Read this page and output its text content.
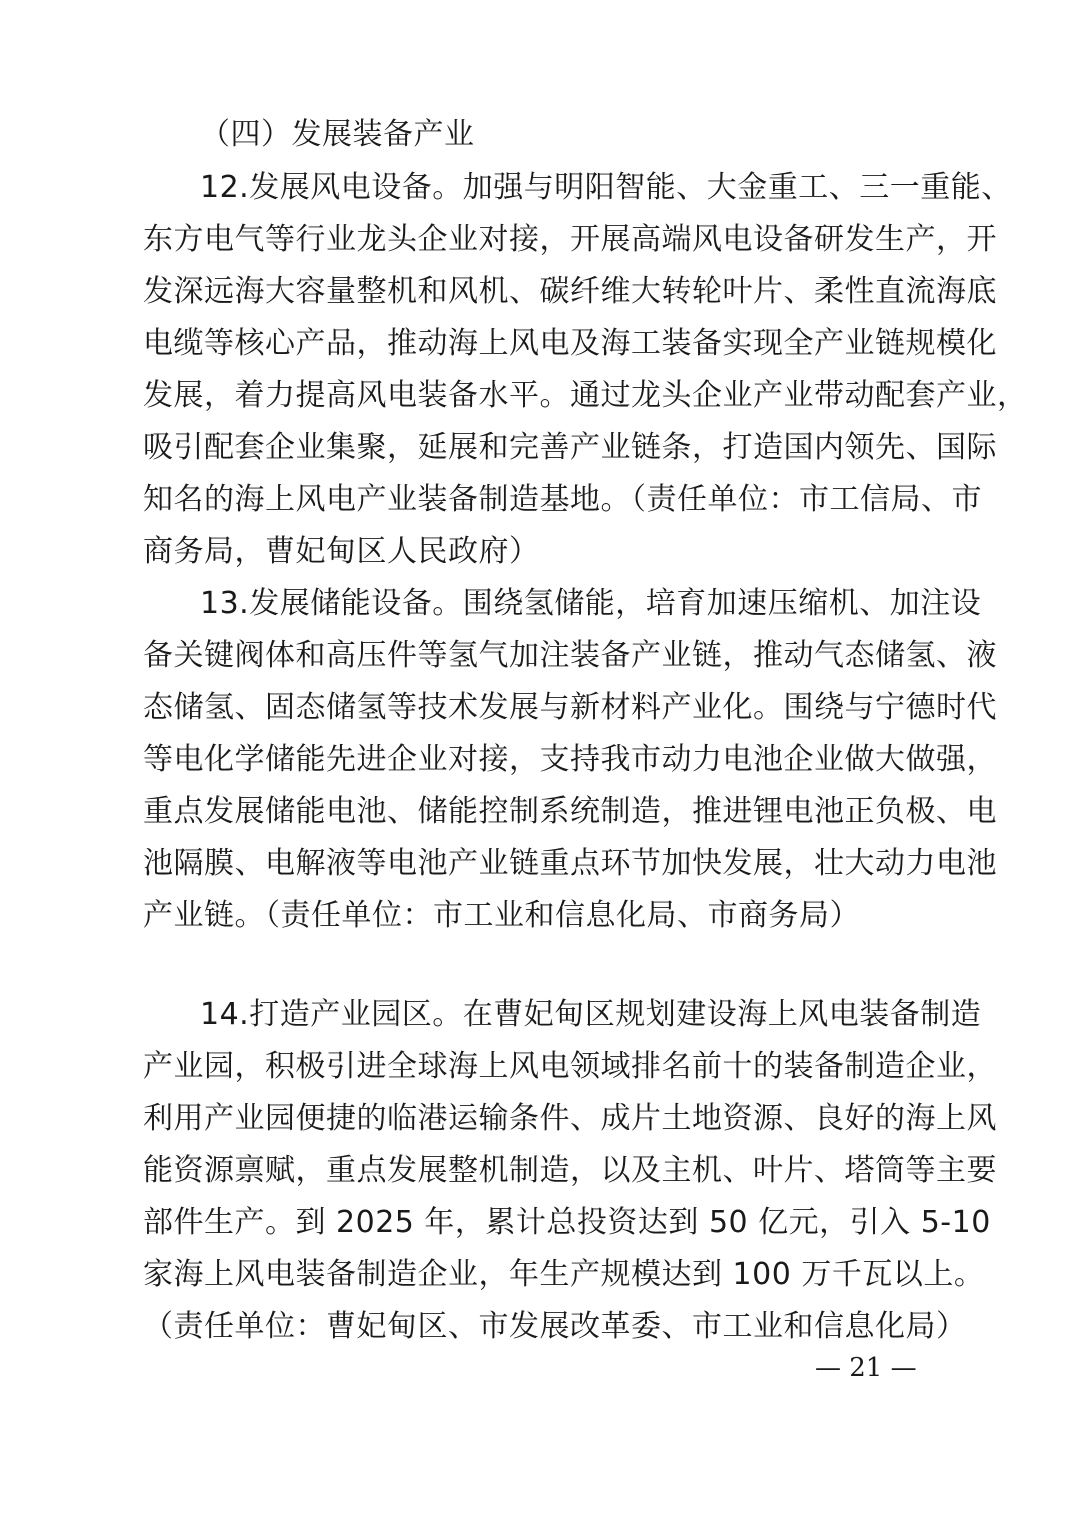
（四）发展装备产业
12.发展风电设备。加强与明阳智能、大金重工、三一重能、
东方电气等行业龙头企业对接，开展高端风电设备研发生产，开
发深远海大容量整机和风机、碳纤维大转轮叶片、柔性直流海底
电缆等核心产品，推动海上风电及海工装备实现全产业链规模化
发展，着力提高风电装备水平。通过龙头企业产业带动配套产业，
吸引配套企业集聚，延展和完善产业链条，打造国内领先、国际
知名的海上风电产业装备制造基地。（责任单位：市工信局、市
商务局，曹妃甸区人民政府）
13.发展储能设备。围绕氢储能，培育加速压缩机、加注设
备关键阀体和高压件等氢气加注装备产业链，推动气态储氢、液
态储氢、固态储氢等技术发展与新材料产业化。围绕与宁德时代
等电化学储能先进企业对接，支持我市动力电池企业做大做强，
重点发展储能电池、储能控制系统制造，推进锂电池正负极、电
池隔膜、电解液等电池产业链重点环节加快发展，壮大动力电池
产业链。（责任单位：市工业和信息化局、市商务局）
14.打造产业园区。在曹妃甸区规划建设海上风电装备制造
产业园，积极引进全球海上风电领域排名前十的装备制造企业，
利用产业园便捷的临港运输条件、成片土地资源、良好的海上风
能资源禀赋，重点发展整机制造，以及主机、叶片、塔筒等主要
部件生产。到 2025 年，累计总投资达到 50 亿元，引入 5-10
家海上风电装备制造企业，年生产规模达到 100 万千瓦以上。
（责任单位：曹妃甸区、市发展改革委、市工业和信息化局）
— 21 —
